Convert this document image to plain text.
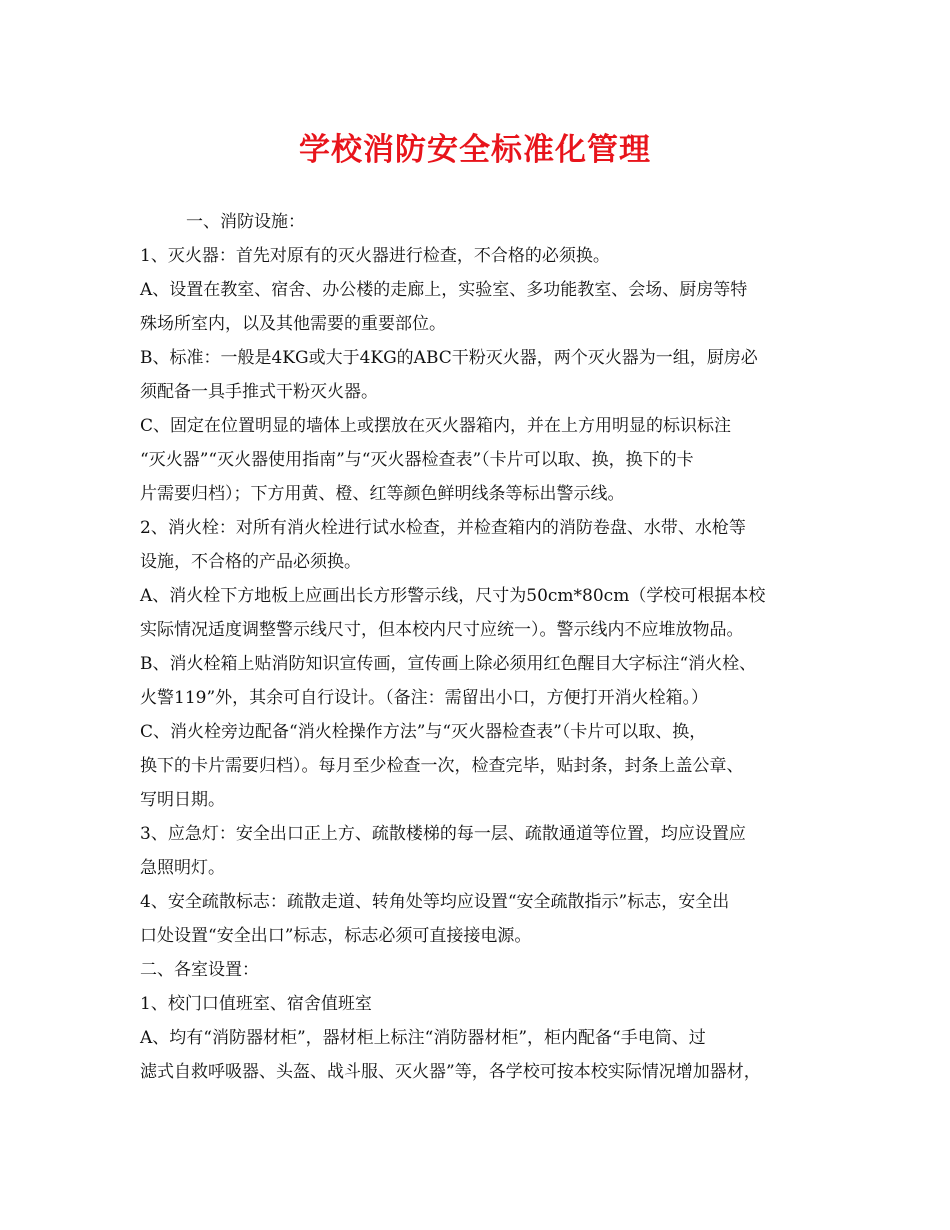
学校消防安全标准化管理

一、消防设施：

1、灭火器：首先对原有的灭火器进行检查，不合格的必须换。

A、设置在教室、宿舍、办公楼的走廊上，实验室、多功能教室、会场、厨房等特

殊场所室内，以及其他需要的重要部位。

B、标准：一般是4KG或大于4KG的ABC干粉灭火器，两个灭火器为一组，厨房必

须配备一具手推式干粉灭火器。

C、固定在位置明显的墙体上或摆放在灭火器箱内，并在上方用明显的标识标注

“灭火器”“灭火器使用指南”与“灭火器检查表”（卡片可以取、换，换下的卡

片需要归档）；下方用黄、橙、红等颜色鲜明线条等标出警示线。

2、消火栓：对所有消火栓进行试水检查，并检查箱内的消防卷盘、水带、水枪等

设施，不合格的产品必须换。

A、消火栓下方地板上应画出长方形警示线，尺寸为50cm*80cm（学校可根据本校

实际情况适度调整警示线尺寸，但本校内尺寸应统一）。警示线内不应堆放物品。

B、消火栓箱上贴消防知识宣传画，宣传画上除必须用红色醒目大字标注“消火栓、

火警119”外，其余可自行设计。（备注：需留出小口，方便打开消火栓箱。）

C、消火栓旁边配备“消火栓操作方法”与“灭火器检查表”（卡片可以取、换，

换下的卡片需要归档）。每月至少检查一次，检查完毕，贴封条，封条上盖公章、

写明日期。

3、应急灯：安全出口正上方、疏散楼梯的每一层、疏散通道等位置，均应设置应

急照明灯。

4、安全疏散标志：疏散走道、转角处等均应设置“安全疏散指示”标志，安全出

口处设置“安全出口”标志，标志必须可直接接电源。

二、各室设置：

1、校门口值班室、宿舍值班室

A、均有“消防器材柜”，器材柜上标注“消防器材柜”，柜内配备“手电筒、过

滤式自救呼吸器、头盔、战斗服、灭火器”等，各学校可按本校实际情况增加器材，
